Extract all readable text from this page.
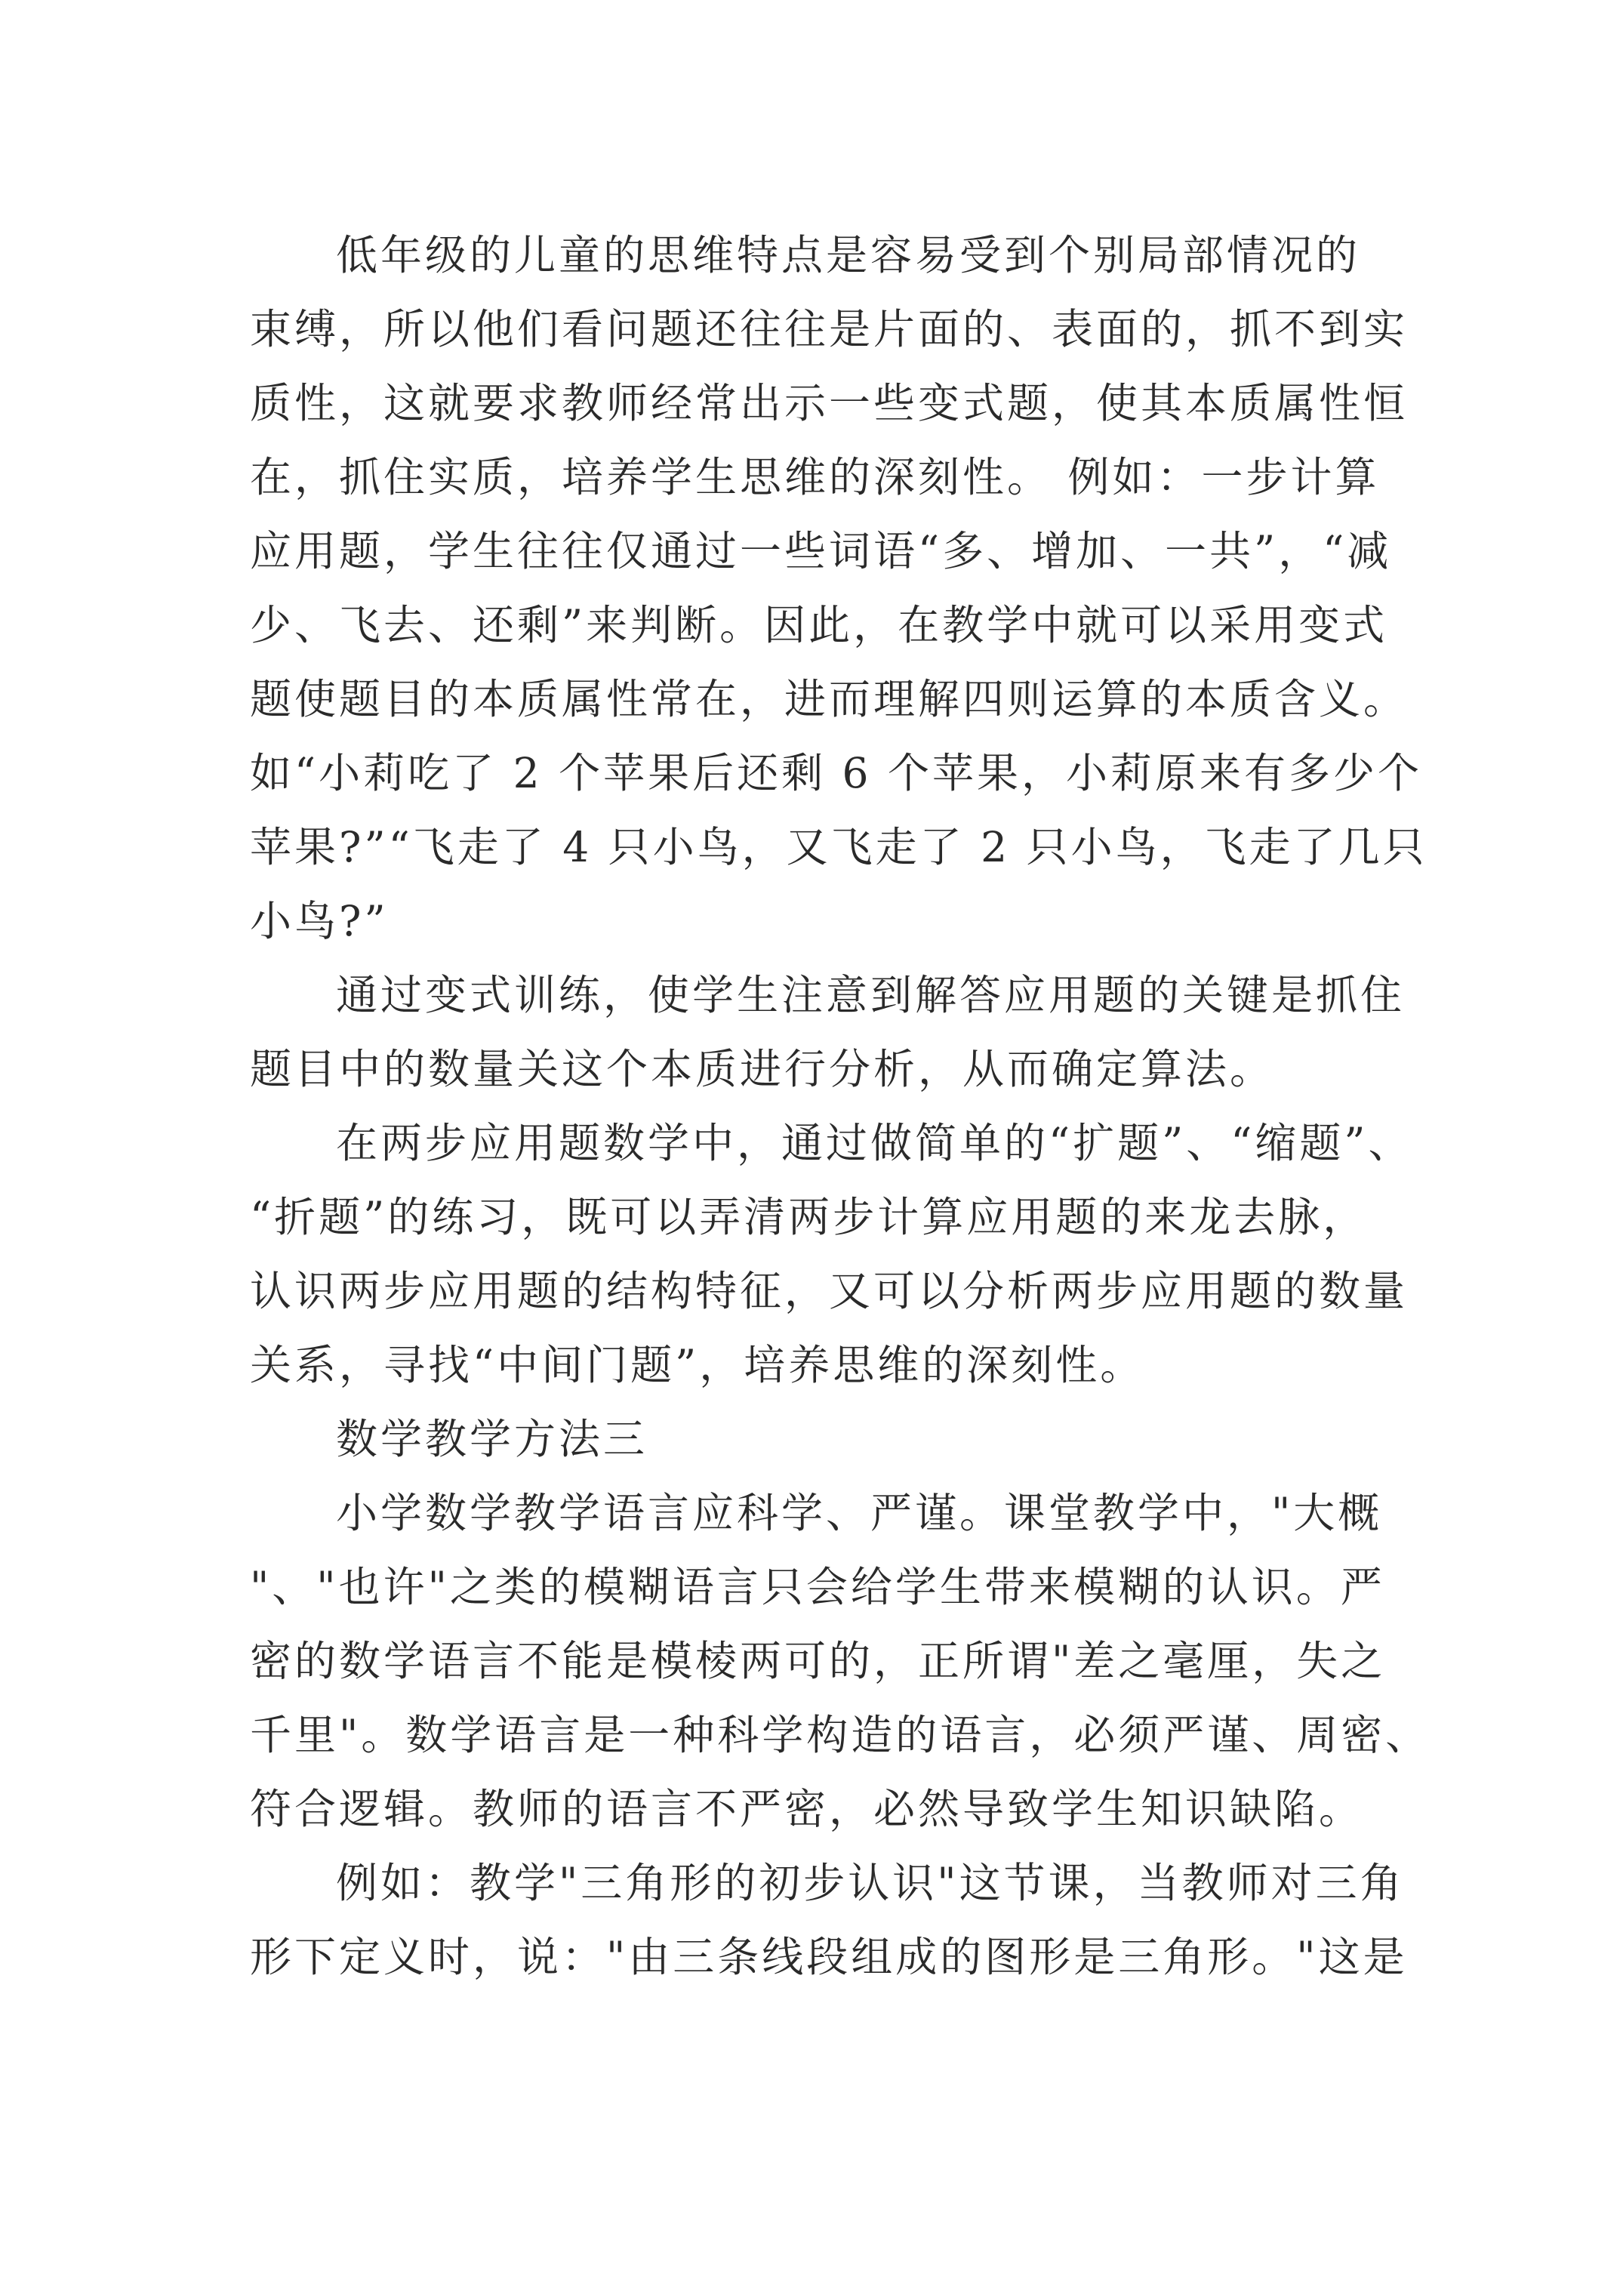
低年级的儿童的思维特点是容易受到个别局部情况的

束缚，所以他们看问题还往往是片面的、表面的，抓不到实

质性，这就要求教师经常出示一些变式题，使其本质属性恒

在，抓住实质，培养学生思维的深刻性。 例如：一步计算

应用题，学生往往仅通过一些词语“多、增加、一共”，“减

少、飞去、还剩”来判断。因此，在教学中就可以采用变式

题使题目的本质属性常在，进而理解四则运算的本质含义。

如“小莉吃了 2 个苹果后还剩 6 个苹果，小莉原来有多少个

苹果?”“飞走了 4 只小鸟，又飞走了 2 只小鸟，飞走了几只

小鸟?”

通过变式训练，使学生注意到解答应用题的关键是抓住

题目中的数量关这个本质进行分析，从而确定算法。

在两步应用题数学中，通过做简单的“扩题”、“缩题”、

“折题”的练习，既可以弄清两步计算应用题的来龙去脉，

认识两步应用题的结构特征，又可以分析两步应用题的数量

关系，寻找“中间门题”，培养思维的深刻性。

数学教学方法三

小学数学教学语言应科学、严谨。课堂教学中，"大概

"、"也许"之类的模糊语言只会给学生带来模糊的认识。严

密的数学语言不能是模棱两可的，正所谓"差之毫厘，失之

千里"。数学语言是一种科学构造的语言，必须严谨、周密、

符合逻辑。教师的语言不严密，必然导致学生知识缺陷。

例如：教学"三角形的初步认识"这节课，当教师对三角

形下定义时，说："由三条线段组成的图形是三角形。"这是
